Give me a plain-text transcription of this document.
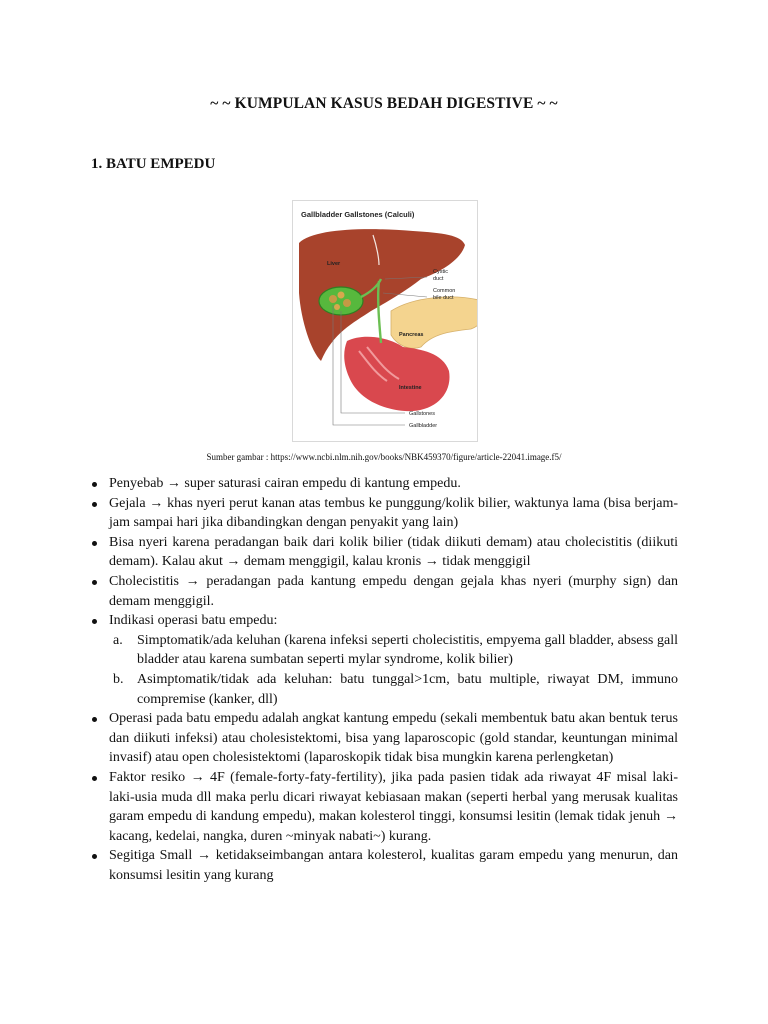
~ ~ KUMPULAN KASUS BEDAH DIGESTIVE ~ ~
1. BATU EMPEDU
Gallbladder Gallstones (Calculi)
Liver
Cystic
duct
Common
bile duct
Pancreas
Intestine
Gallstones
Gallbladder
Sumber gambar : https://www.ncbi.nlm.nih.gov/books/NBK459370/figure/article-22041.image.f5/

Penyebab → super saturasi cairan empedu di kantung empedu.

Gejala → khas nyeri perut kanan atas tembus ke punggung/kolik bilier, waktunya lama (bisa berjam-jam sampai hari jika dibandingkan dengan penyakit yang lain)

Bisa nyeri karena peradangan baik dari kolik bilier (tidak diikuti demam) atau cholecistitis (diikuti demam). Kalau akut → demam menggigil, kalau kronis → tidak menggigil

Cholecistitis → peradangan pada kantung empedu dengan gejala khas nyeri (murphy sign) dan demam menggigil.

Indikasi operasi batu empedu:

a. Simptomatik/ada keluhan (karena infeksi seperti cholecistitis, empyema gall bladder, absess gall bladder atau karena sumbatan seperti mylar syndrome, kolik bilier)
b. Asimptomatik/tidak ada keluhan: batu tunggal>1cm, batu multiple, riwayat DM, immuno compremise (kanker, dll)

Operasi pada batu empedu adalah angkat kantung empedu (sekali membentuk batu akan bentuk terus dan diikuti infeksi) atau cholesistektomi, bisa yang laparoscopic (gold standar, keuntungan minimal invasif) atau open cholesistektomi (laparoskopik tidak bisa mungkin karena perlengketan)

Faktor resiko → 4F (female-forty-faty-fertility), jika pada pasien tidak ada riwayat 4F misal laki-laki-usia muda dll maka perlu dicari riwayat kebiasaan makan (seperti herbal yang merusak kualitas garam empedu di kandung empedu), makan kolesterol tinggi, konsumsi lesitin (lemak tidak jenuh → kacang, kedelai, nangka, duren ~minyak nabati~) kurang.

Segitiga Small → ketidakseimbangan antara kolesterol, kualitas garam empedu yang menurun, dan konsumsi lesitin yang kurang
